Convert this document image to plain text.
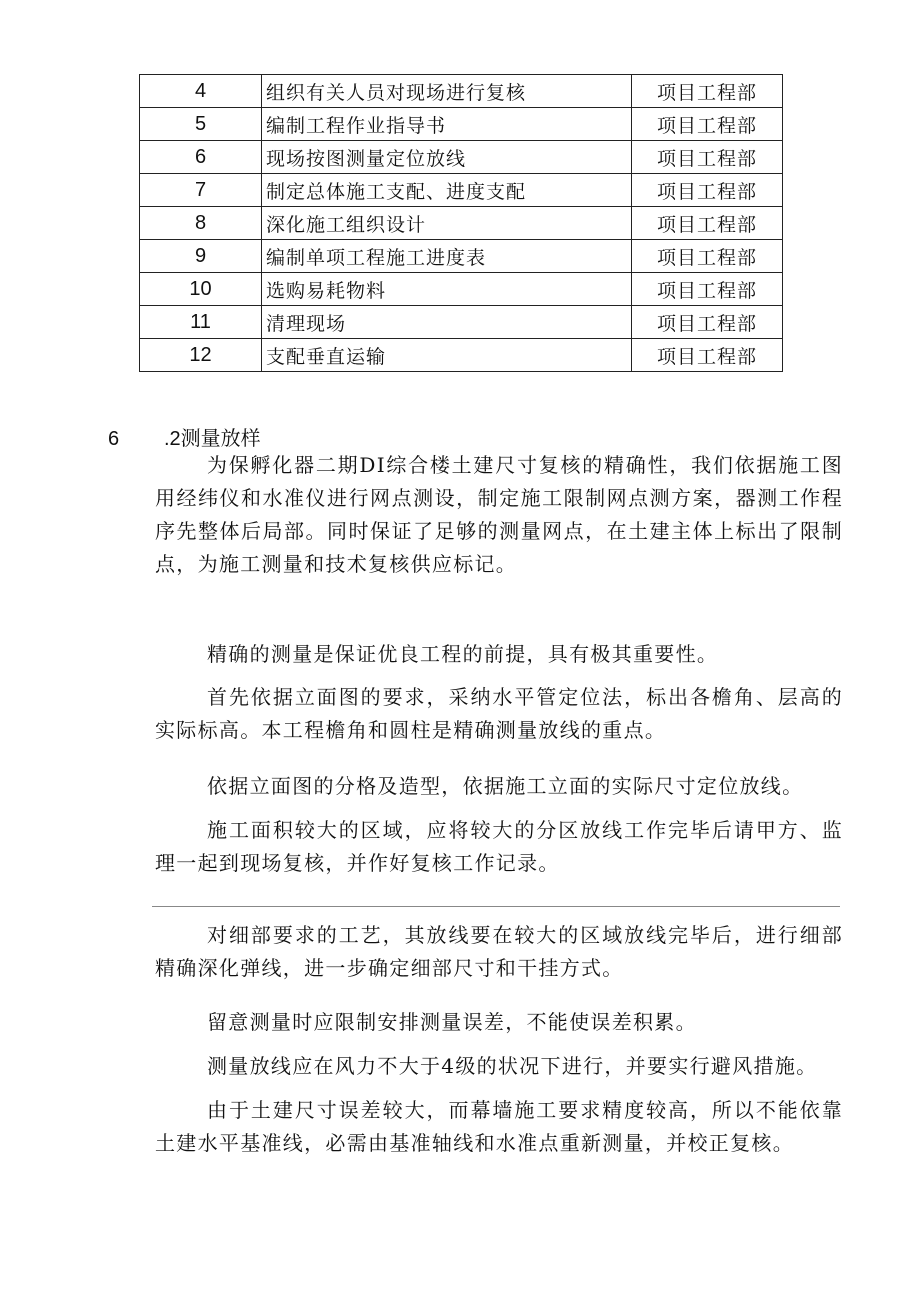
4	组织有关人员对现场进行复核	项目工程部
5	编制工程作业指导书	项目工程部
6	现场按图测量定位放线	项目工程部
7	制定总体施工支配、进度支配	项目工程部
8	深化施工组织设计	项目工程部
9	编制单项工程施工进度表	项目工程部
10	选购易耗物料	项目工程部
11	清理现场	项目工程部
12	支配垂直运输	项目工程部
6 .2测量放样

为保孵化器二期DI综合楼土建尺寸复核的精确性，我们依据施工图用经纬仪和水准仪进行网点测设，制定施工限制网点测方案，器测工作程序先整体后局部。同时保证了足够的测量网点，在土建主体上标出了限制点，为施工测量和技术复核供应标记。

精确的测量是保证优良工程的前提，具有极其重要性。

首先依据立面图的要求，采纳水平管定位法，标出各檐角、层高的实际标高。本工程檐角和圆柱是精确测量放线的重点。

依据立面图的分格及造型，依据施工立面的实际尺寸定位放线。

施工面积较大的区域，应将较大的分区放线工作完毕后请甲方、监理一起到现场复核，并作好复核工作记录。

对细部要求的工艺，其放线要在较大的区域放线完毕后，进行细部精确深化弹线，进一步确定细部尺寸和干挂方式。

留意测量时应限制安排测量误差，不能使误差积累。

测量放线应在风力不大于4级的状况下进行，并要实行避风措施。

由于土建尺寸误差较大，而幕墙施工要求精度较高，所以不能依靠土建水平基准线，必需由基准轴线和水准点重新测量，并校正复核。
